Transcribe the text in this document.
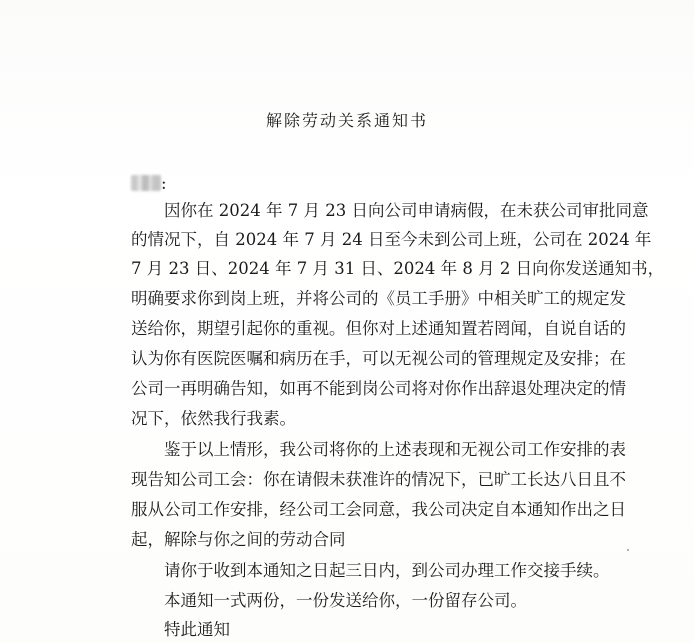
解除劳动关系通知书
:
因你在 2024 年 7 月 23 日向公司申请病假，在未获公司审批同意
的情况下，自 2024 年 7 月 24 日至今未到公司上班，公司在 2024 年
7 月 23 日、2024 年 7 月 31 日、2024 年 8 月 2 日向你发送通知书，
明确要求你到岗上班，并将公司的《员工手册》中相关旷工的规定发
送给你，期望引起你的重视。但你对上述通知置若罔闻，自说自话的
认为你有医院医嘱和病历在手，可以无视公司的管理规定及安排；在
公司一再明确告知，如再不能到岗公司将对你作出辞退处理决定的情
况下，依然我行我素。
鉴于以上情形，我公司将你的上述表现和无视公司工作安排的表
现告知公司工会：你在请假未获准许的情况下，已旷工长达八日且不
服从公司工作安排，经公司工会同意，我公司决定自本通知作出之日
起，解除与你之间的劳动合同
请你于收到本通知之日起三日内，到公司办理工作交接手续。
本通知一式两份，一份发送给你，一份留存公司。
特此通知
